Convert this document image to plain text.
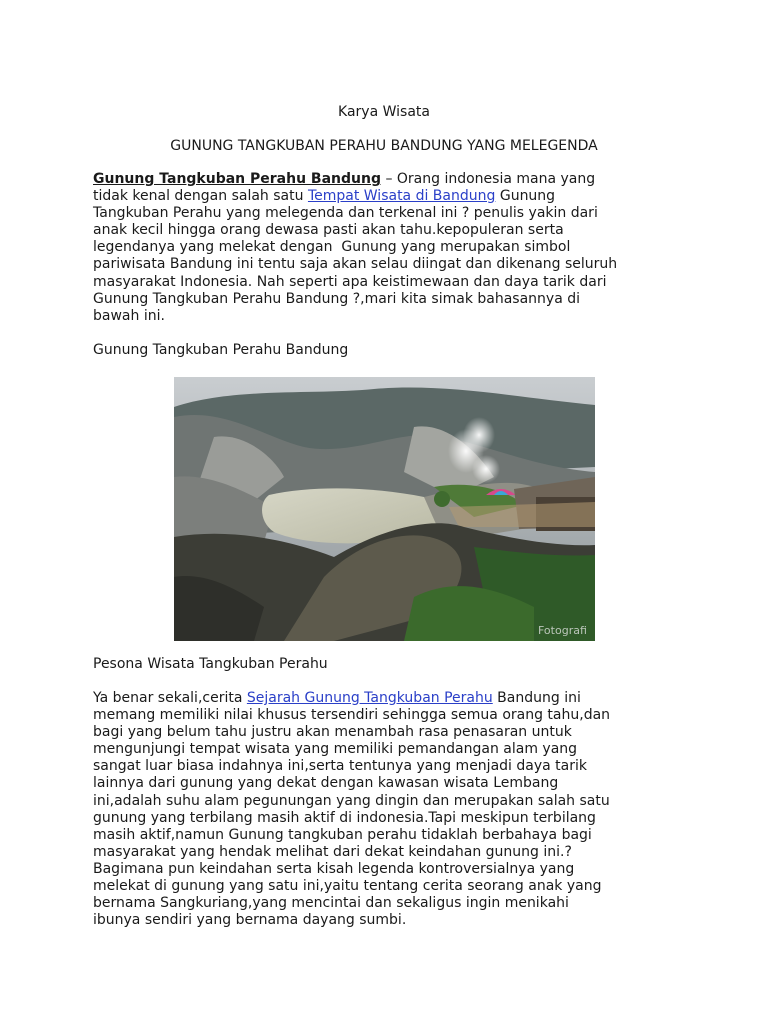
Karya Wisata
GUNUNG TANGKUBAN PERAHU BANDUNG YANG MELEGENDA
Gunung Tangkuban Perahu Bandung – Orang indonesia mana yang
tidak kenal dengan salah satu Tempat Wisata di Bandung Gunung
Tangkuban Perahu yang melegenda dan terkenal ini ? penulis yakin dari
anak kecil hingga orang dewasa pasti akan tahu.kepopuleran serta
legendanya yang melekat dengan  Gunung yang merupakan simbol
pariwisata Bandung ini tentu saja akan selau diingat dan dikenang seluruh
masyarakat Indonesia. Nah seperti apa keistimewaan dan daya tarik dari
Gunung Tangkuban Perahu Bandung ?,mari kita simak bahasannya di
bawah ini.
Gunung Tangkuban Perahu Bandung
Fotografi
Pesona Wisata Tangkuban Perahu
Ya benar sekali,cerita Sejarah Gunung Tangkuban Perahu Bandung ini
memang memiliki nilai khusus tersendiri sehingga semua orang tahu,dan
bagi yang belum tahu justru akan menambah rasa penasaran untuk
mengunjungi tempat wisata yang memiliki pemandangan alam yang
sangat luar biasa indahnya ini,serta tentunya yang menjadi daya tarik
lainnya dari gunung yang dekat dengan kawasan wisata Lembang
ini,adalah suhu alam pegunungan yang dingin dan merupakan salah satu
gunung yang terbilang masih aktif di indonesia.Tapi meskipun terbilang
masih aktif,namun Gunung tangkuban perahu tidaklah berbahaya bagi
masyarakat yang hendak melihat dari dekat keindahan gunung ini.?
Bagimana pun keindahan serta kisah legenda kontroversialnya yang
melekat di gunung yang satu ini,yaitu tentang cerita seorang anak yang
bernama Sangkuriang,yang mencintai dan sekaligus ingin menikahi
ibunya sendiri yang bernama dayang sumbi.
